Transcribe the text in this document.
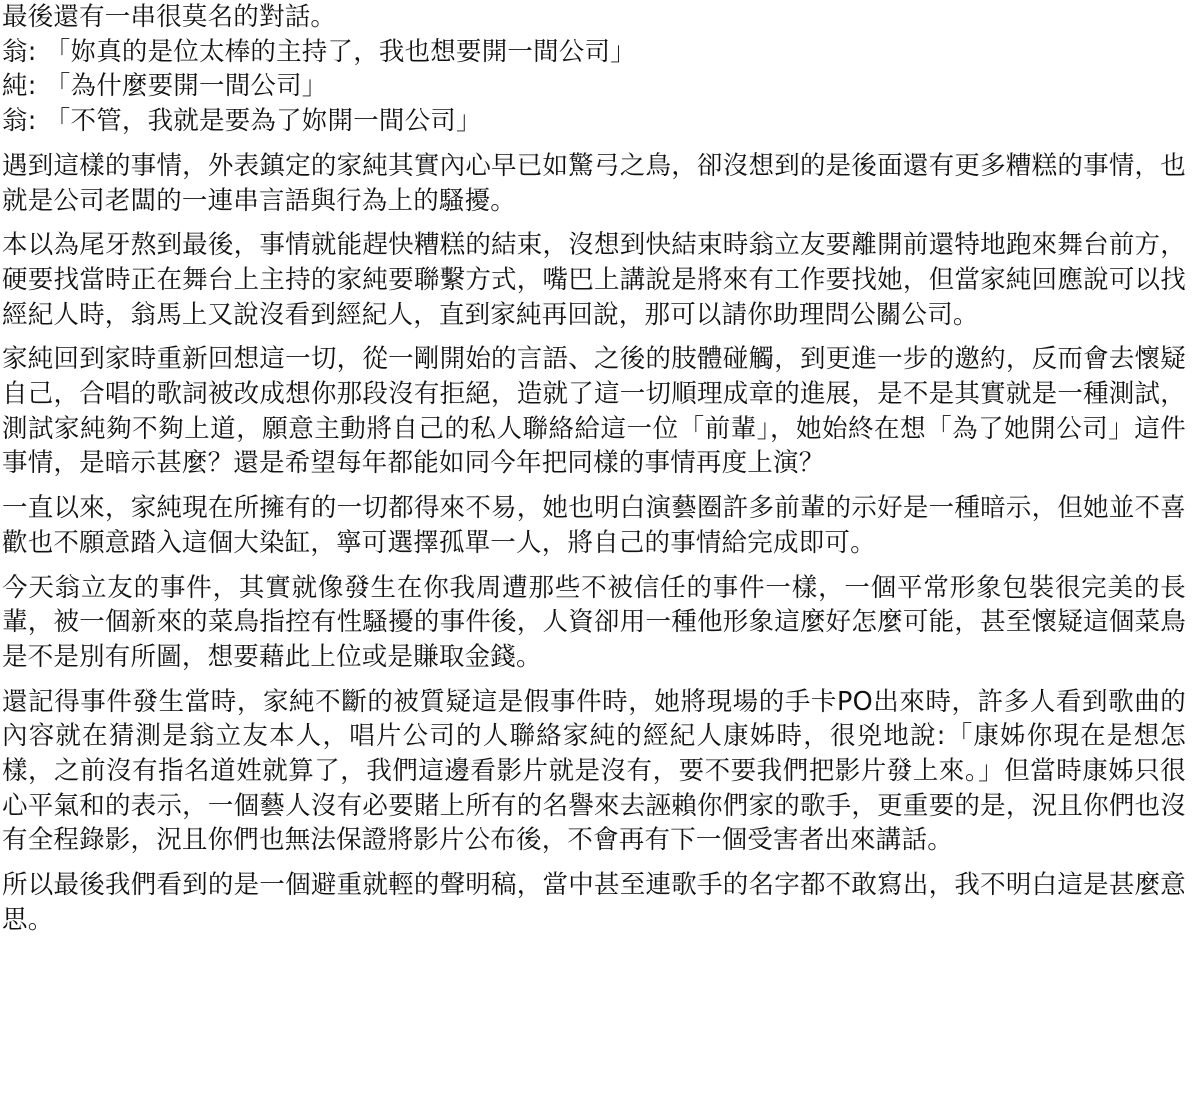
最後還有一串很莫名的對話。
翁: 「妳真的是位太棒的主持了，我也想要開一間公司」
純: 「為什麼要開一間公司」
翁: 「不管，我就是要為了妳開一間公司」
遇到這樣的事情，外表鎮定的家純其實內心早已如驚弓之鳥，卻沒想到的是後面還有更多糟糕的事情，也就是公司老闆的一連串言語與行為上的騷擾。
本以為尾牙熬到最後，事情就能趕快糟糕的結束，沒想到快結束時翁立友要離開前還特地跑來舞台前方，硬要找當時正在舞台上主持的家純要聯繫方式，嘴巴上講說是將來有工作要找她，但當家純回應說可以找經紀人時，翁馬上又說沒看到經紀人，直到家純再回說，那可以請你助理問公關公司。
家純回到家時重新回想這一切，從一剛開始的言語、之後的肢體碰觸，到更進一步的邀約，反而會去懷疑自己，合唱的歌詞被改成想你那段沒有拒絕，造就了這一切順理成章的進展，是不是其實就是一種測試，測試家純夠不夠上道，願意主動將自己的私人聯絡給這一位「前輩」，她始終在想「為了她開公司」這件事情，是暗示甚麼？還是希望每年都能如同今年把同樣的事情再度上演？
一直以來，家純現在所擁有的一切都得來不易，她也明白演藝圈許多前輩的示好是一種暗示，但她並不喜歡也不願意踏入這個大染缸，寧可選擇孤單一人，將自己的事情給完成即可。
今天翁立友的事件，其實就像發生在你我周遭那些不被信任的事件一樣，一個平常形象包裝很完美的長輩，被一個新來的菜鳥指控有性騷擾的事件後，人資卻用一種他形象這麼好怎麼可能，甚至懷疑這個菜鳥是不是別有所圖，想要藉此上位或是賺取金錢。
還記得事件發生當時，家純不斷的被質疑這是假事件時，她將現場的手卡PO出來時，許多人看到歌曲的內容就在猜測是翁立友本人，唱片公司的人聯絡家純的經紀人康姊時，很兇地說:「康姊你現在是想怎樣，之前沒有指名道姓就算了，我們這邊看影片就是沒有，要不要我們把影片發上來。」但當時康姊只很心平氣和的表示，一個藝人沒有必要賭上所有的名譽來去誣賴你們家的歌手，更重要的是，況且你們也沒有全程錄影，況且你們也無法保證將影片公布後，不會再有下一個受害者出來講話。
所以最後我們看到的是一個避重就輕的聲明稿，當中甚至連歌手的名字都不敢寫出，我不明白這是甚麼意思。
